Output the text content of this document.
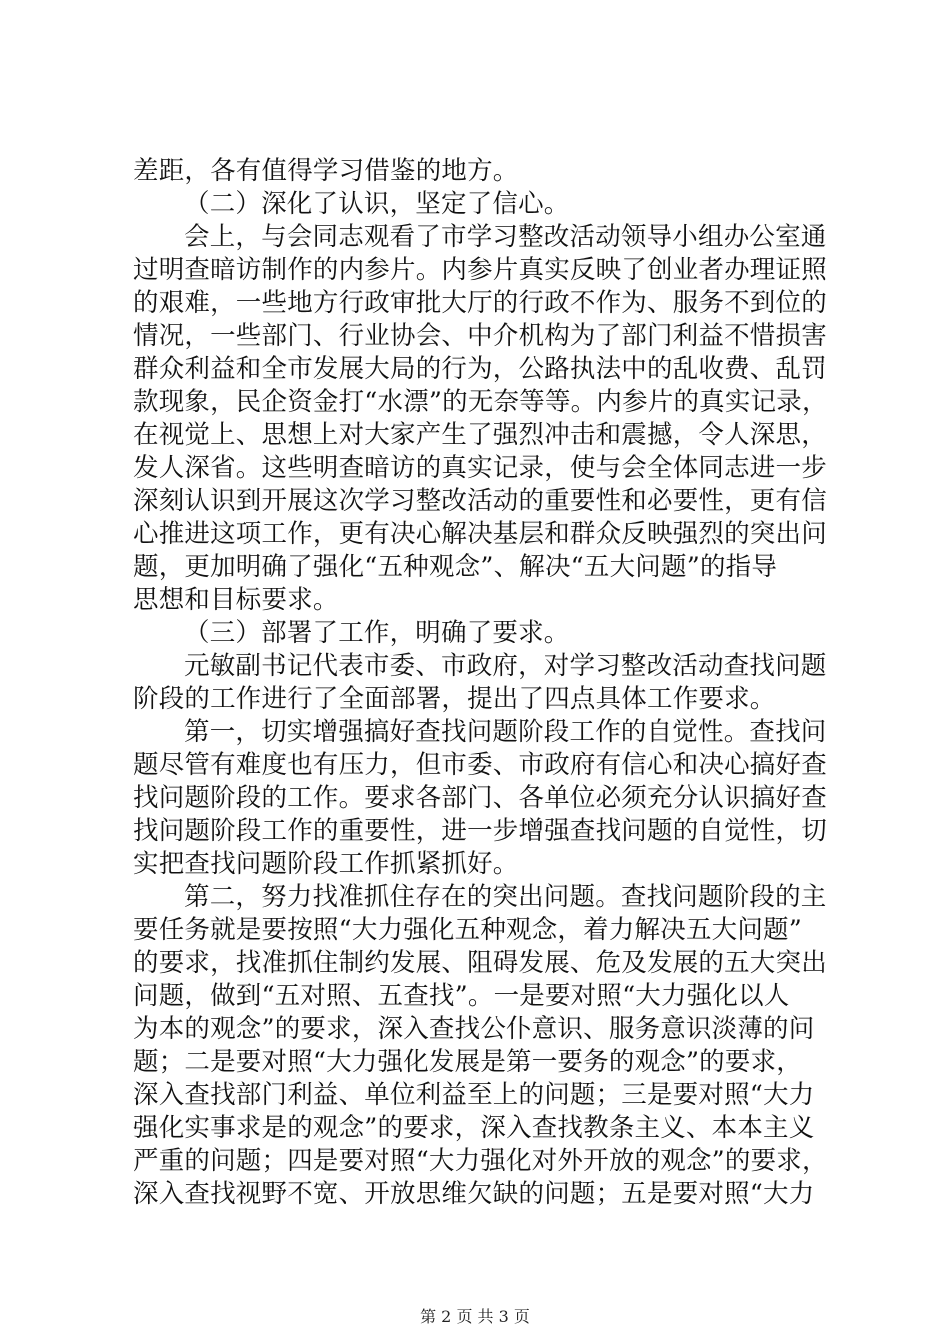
差距，各有值得学习借鉴的地方。
（二）深化了认识，坚定了信心。
会上，与会同志观看了市学习整改活动领导小组办公室通
过明查暗访制作的内参片。内参片真实反映了创业者办理证照
的艰难，一些地方行政审批大厅的行政不作为、服务不到位的
情况，一些部门、行业协会、中介机构为了部门利益不惜损害
群众利益和全市发展大局的行为，公路执法中的乱收费、乱罚
款现象，民企资金打“水漂”的无奈等等。内参片的真实记录，
在视觉上、思想上对大家产生了强烈冲击和震撼，令人深思，
发人深省。这些明查暗访的真实记录，使与会全体同志进一步
深刻认识到开展这次学习整改活动的重要性和必要性，更有信
心推进这项工作，更有决心解决基层和群众反映强烈的突出问
题，更加明确了强化“五种观念”、解决“五大问题”的指导
思想和目标要求。
（三）部署了工作，明确了要求。
元敏副书记代表市委、市政府，对学习整改活动查找问题
阶段的工作进行了全面部署，提出了四点具体工作要求。
第一，切实增强搞好查找问题阶段工作的自觉性。查找问
题尽管有难度也有压力，但市委、市政府有信心和决心搞好查
找问题阶段的工作。要求各部门、各单位必须充分认识搞好查
找问题阶段工作的重要性，进一步增强查找问题的自觉性，切
实把查找问题阶段工作抓紧抓好。
第二，努力找准抓住存在的突出问题。查找问题阶段的主
要任务就是要按照“大力强化五种观念，着力解决五大问题”
的要求，找准抓住制约发展、阻碍发展、危及发展的五大突出
问题，做到“五对照、五查找”。一是要对照“大力强化以人
为本的观念”的要求，深入查找公仆意识、服务意识淡薄的问
题；二是要对照“大力强化发展是第一要务的观念”的要求，
深入查找部门利益、单位利益至上的问题；三是要对照“大力
强化实事求是的观念”的要求，深入查找教条主义、本本主义
严重的问题；四是要对照“大力强化对外开放的观念”的要求，
深入查找视野不宽、开放思维欠缺的问题；五是要对照“大力
第 2 页 共 3 页
